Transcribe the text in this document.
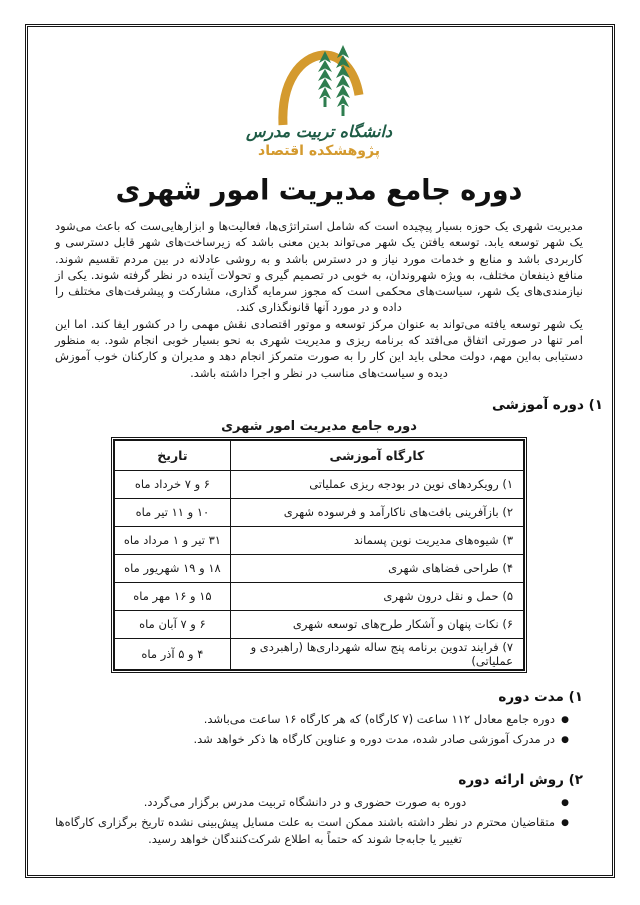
دانشگاه تربیت مدرس
پژوهشکده اقتصاد
دوره جامع مدیریت امور شهری

مدیریت شهری یک حوزه بسیار پیچیده است که شامل استراتژی‌ها، فعالیت‌ها و ابزارهایی‌ست که باعث می‌شود یک شهر توسعه یابد. توسعه یافتن یک شهر می‌تواند بدین معنی باشد که زیرساخت‌های شهر قابل دسترسی و کاربردی باشد و منابع و خدمات مورد نیاز و در دسترس باشد و به روشی عادلانه در بین مردم تقسیم شوند. منافع ذینفعان مختلف، به ویژه شهروندان، به خوبی در تصمیم گیری و تحولات آینده در نظر گرفته شوند. یکی از نیازمندی‌های یک شهر، سیاست‌های محکمی است که مجوز سرمایه گذاری، مشارکت و پیشرفت‌های مختلف را داده و در مورد آنها قانونگذاری کند.

یک شهر توسعه یافته می‌تواند به عنوان مرکز توسعه و موتور اقتصادی نقش مهمی را در کشور ایفا کند. اما این امر تنها در صورتی اتفاق می‌افتد که برنامه ریزی و مدیریت شهری به نحو بسیار خوبی انجام شود. به منظور دستیابی به‌این مهم، دولت محلی باید این کار را به صورت متمرکز انجام دهد و مدیران و کارکنان خوب آموزش دیده و سیاست‌های مناسب در نظر و اجرا داشته باشد.

۱) دوره آموزشی
دوره جامع مدیریت امور شهری
کارگاه آموزشی	تاریخ
۱) رویکردهای نوین در بودجه ریزی عملیاتی	۶ و ۷ خرداد ماه
۲) بازآفرینی بافت‌های ناکارآمد و فرسوده شهری	۱۰ و ۱۱ تیر ماه
۳) شیوه‌های مدیریت نوین پسماند	۳۱ تیر و ۱ مرداد ماه
۴) طراحی فضاهای شهری	۱۸ و ۱۹ شهریور ماه
۵) حمل و نقل درون شهری	۱۵ و ۱۶ مهر ماه
۶) نکات پنهان و آشکار طرح‌های توسعه شهری	۶ و ۷ آبان ماه
۷) فرایند تدوین برنامه پنج ساله شهرداری‌ها (راهبردی و عملیاتی)	۴ و ۵ آذر ماه
۱) مدت دوره
● دوره جامع معادل ۱۱۲ ساعت (۷ کارگاه) که هر کارگاه ۱۶ ساعت می‌باشد.
● در مدرک آموزشی صادر شده، مدت دوره و عناوین کارگاه ها ذکر خواهد شد.
۲) روش ارائه دوره
● دوره به صورت حضوری و در دانشگاه تربیت مدرس برگزار می‌گردد.
● متقاضیان محترم در نظر داشته باشند ممکن است به علت مسایل پیش‌بینی نشده تاریخ برگزاری کارگاه‌ها تغییر یا جابه‌جا شوند که حتماً به اطلاع شرکت‌کنندگان خواهد رسید.
